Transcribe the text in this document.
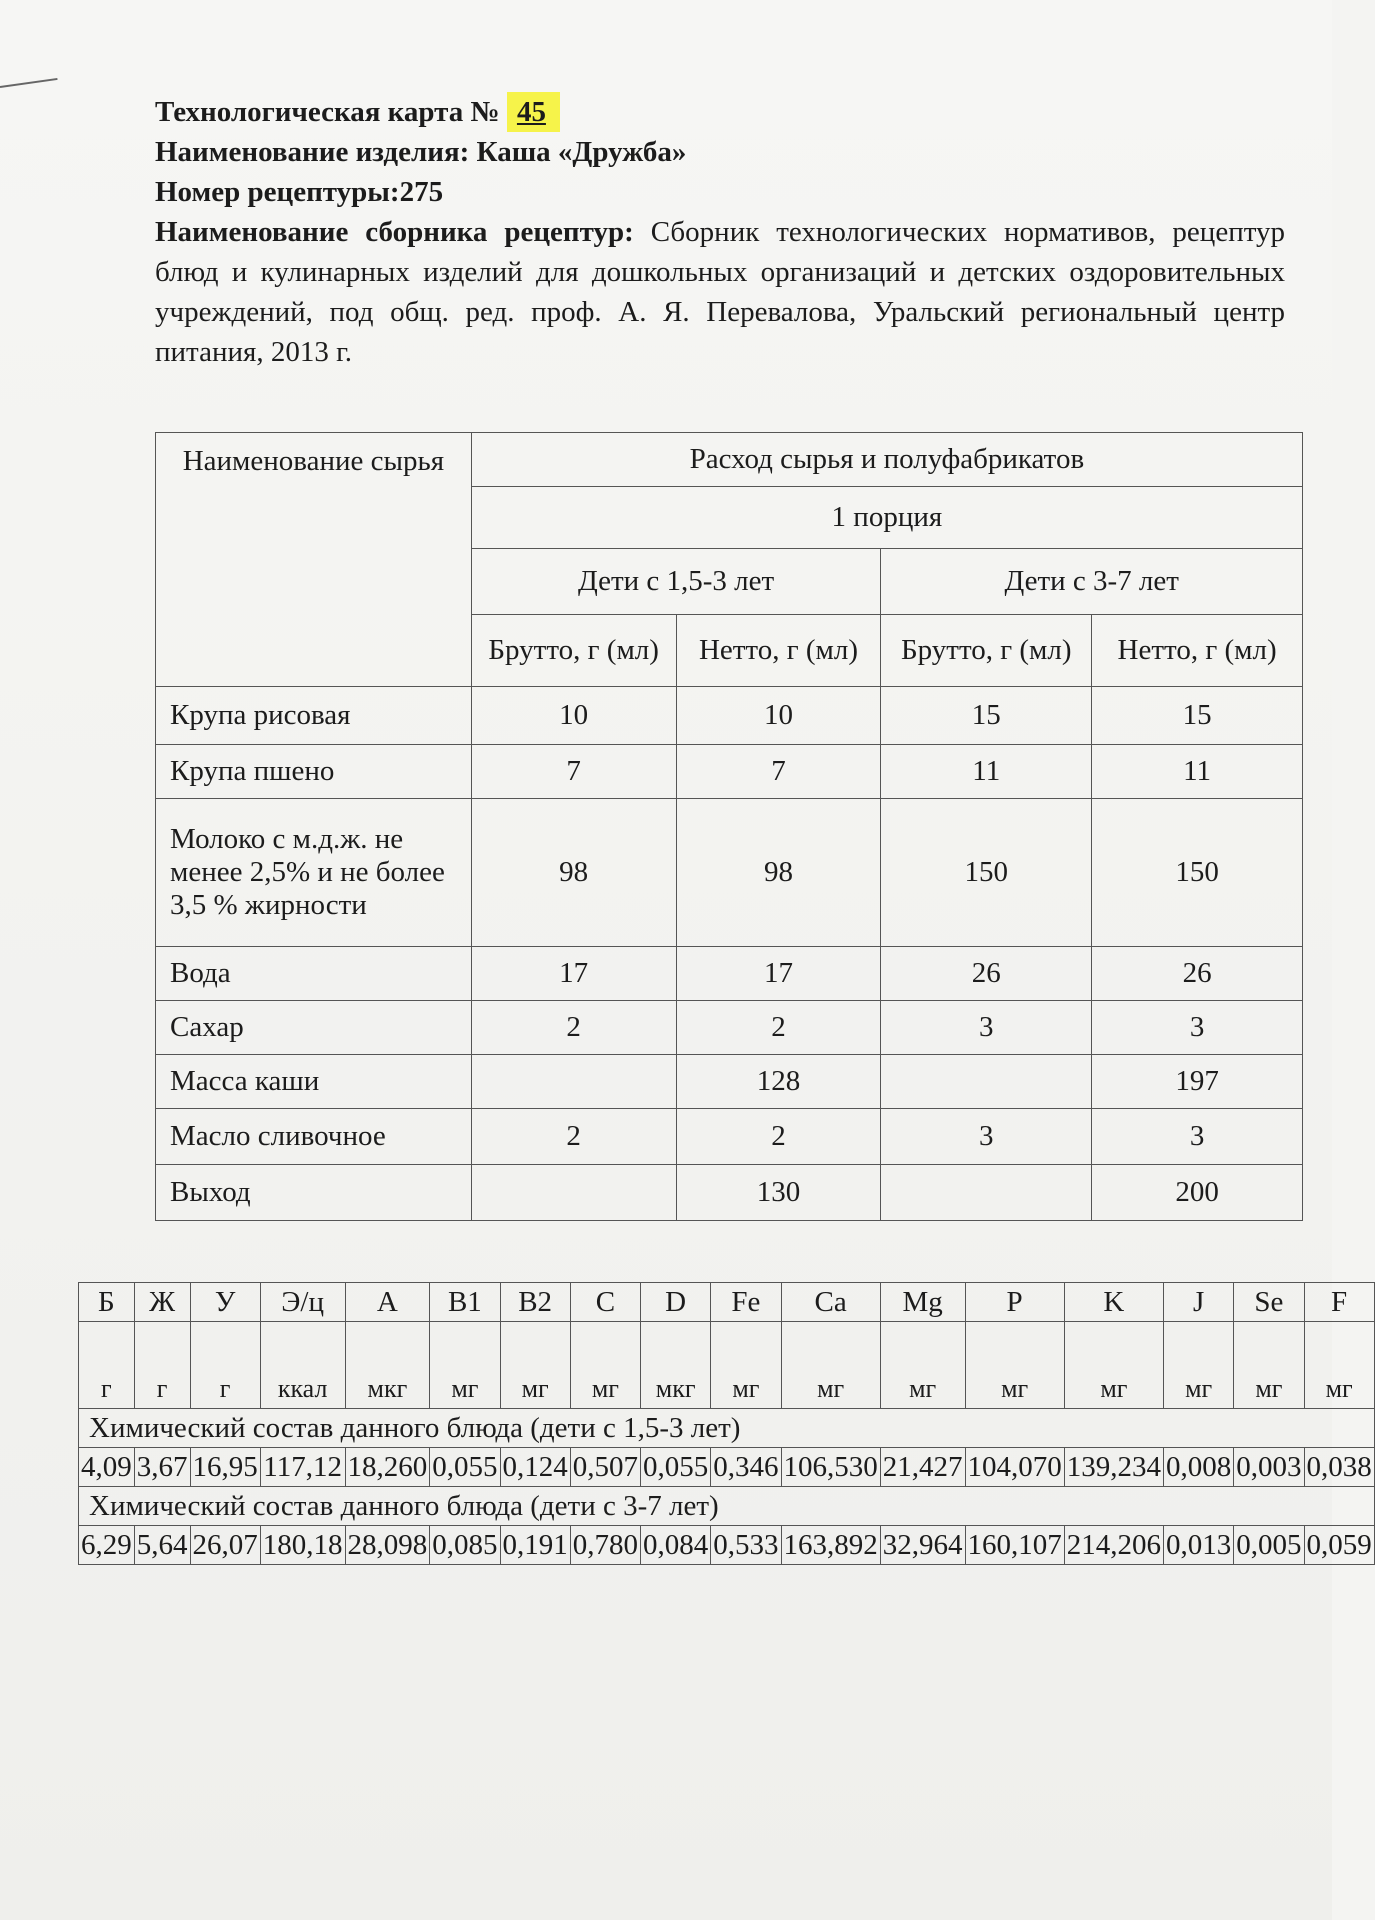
Технологическая карта № 45
Наименование изделия: Каша «Дружба»
Номер рецептуры:275
Наименование сборника рецептур: Сборник технологических нормативов, рецептур блюд и кулинарных изделий для дошкольных организаций и детских оздоровительных учреждений, под общ. ред. проф. А. Я. Перевалова, Уральский региональный центр питания, 2013 г.
Наименование сырья	Расход сырья и полуфабрикатов			
	1 порция			
	Дети с 1,5-3 лет		Дети с 3-7 лет	
	Брутто, г (мл)	Нетто, г (мл)	Брутто, г (мл)	Нетто, г (мл)
Крупа рисовая	10	10	15	15
Крупа пшено	7	7	11	11
Молоко с м.д.ж. не менее 2,5% и не более 3,5 % жирности	98	98	150	150
Вода	17	17	26	26
Сахар	2	2	3	3
Масса каши		128		197
Масло сливочное	2	2	3	3
Выход		130		200
Б	Ж	У	Э/ц	А	B1	B2	C	D	Fe	Ca	Mg	P	K	J	Se	F
г	г	г	ккал	мкг	мг	мг	мг	мкг	мг	мг	мг	мг	мг	мг	мг	мг
Химический состав данного блюда (дети с 1,5-3 лет)																
4,09	3,67	16,95	117,12	18,260	0,055	0,124	0,507	0,055	0,346	106,530	21,427	104,070	139,234	0,008	0,003	0,038
Химический состав данного блюда (дети с 3-7 лет)																
6,29	5,64	26,07	180,18	28,098	0,085	0,191	0,780	0,084	0,533	163,892	32,964	160,107	214,206	0,013	0,005	0,059
